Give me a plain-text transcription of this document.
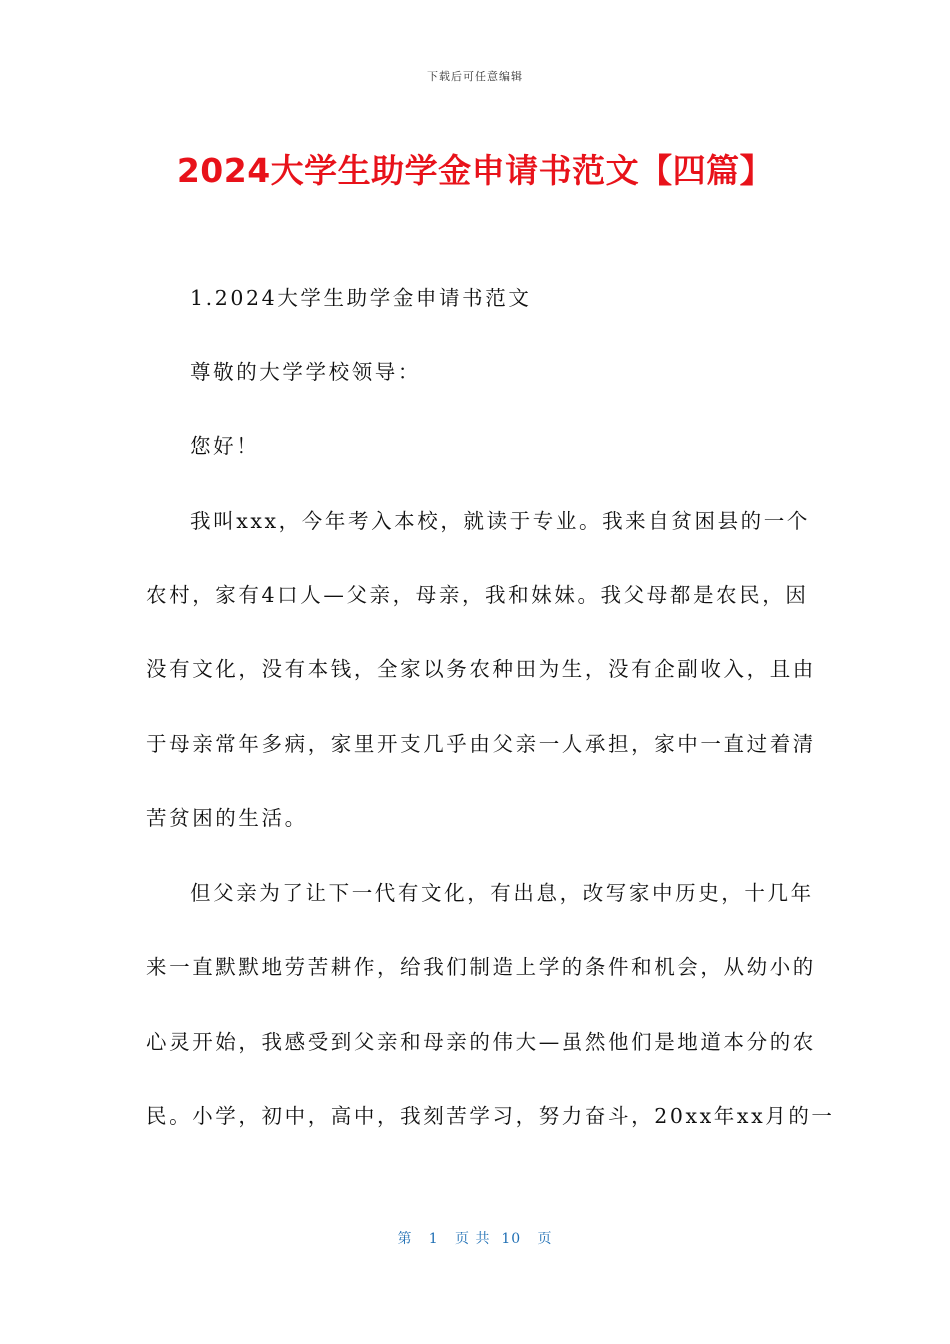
下载后可任意编辑
2024大学生助学金申请书范文【四篇】
1.2024大学生助学金申请书范文
尊敬的大学学校领导：
您好！
我叫xxx，今年考入本校，就读于专业。我来自贫困县的一个
农村，家有4口人—父亲，母亲，我和妹妹。我父母都是农民，因
没有文化，没有本钱，全家以务农种田为生，没有企副收入，且由
于母亲常年多病，家里开支几乎由父亲一人承担，家中一直过着清
苦贫困的生活。
但父亲为了让下一代有文化，有出息，改写家中历史，十几年
来一直默默地劳苦耕作，给我们制造上学的条件和机会，从幼小的
心灵开始，我感受到父亲和母亲的伟大—虽然他们是地道本分的农
民。小学，初中，高中，我刻苦学习，努力奋斗，20xx年xx月的一
第   1   页 共  10   页
